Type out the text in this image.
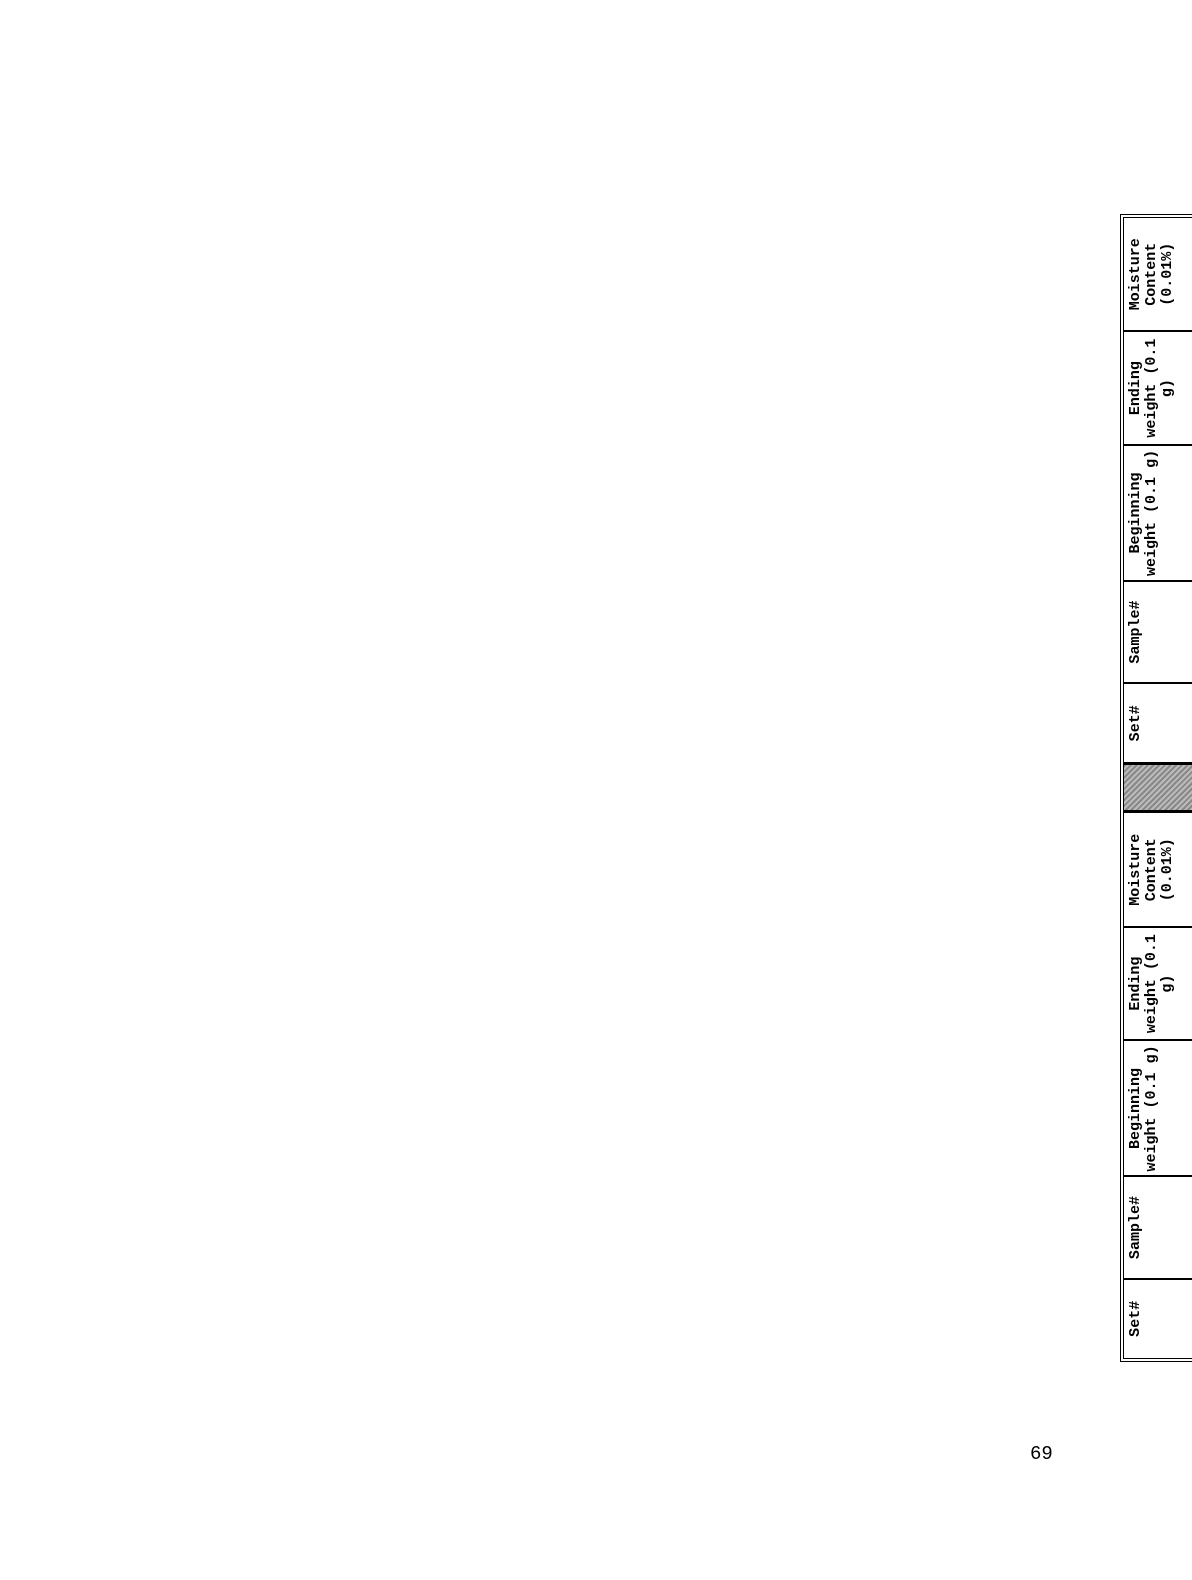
Set#	Sample#	Beginning weight (0.1 g)	Ending weight (0.1 g)	Moisture Content (0.01%)

Set#	Sample#	Beginning weight (0.1 g)	Ending weight (0.1 g)	Moisture Content (0.01%)

69
